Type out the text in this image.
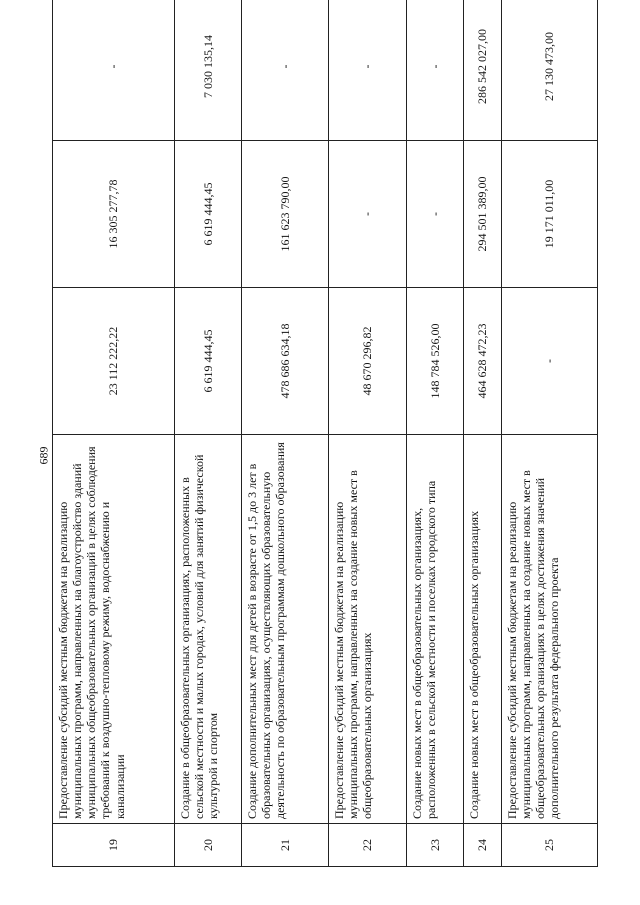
689
19	Предоставление субсидий местным бюджетам на реализацию муниципальных программ, направленных на благоустройство зданий муниципальных общеобразовательных организаций в целях соблюдения требований к воздушно-тепловому режиму, водоснабжению и канализации	23 112 222,22	16 305 277,78	-
20	Создание в общеобразовательных организациях, расположенных в сельской местности и малых городах, условий для занятий физической культурой и спортом	6 619 444,45	6 619 444,45	7 030 135,14
21	Создание дополнительных мест для детей в возрасте от 1,5 до 3 лет в образовательных организациях, осуществляющих образовательную деятельность по образовательным программам дошкольного образования	478 686 634,18	161 623 790,00	-
22	Предоставление субсидий местным бюджетам на реализацию муниципальных программ, направленных на создание новых мест в общеобразовательных организациях	48 670 296,82	-	-
23	Создание новых мест в общеобразовательных организациях, расположенных в сельской местности и поселках городского типа	148 784 526,00	-	-
24	Создание новых мест в общеобразовательных организациях	464 628 472,23	294 501 389,00	286 542 027,00
25	Предоставление субсидий местным бюджетам на реализацию муниципальных программ, направленных на создание новых мест в общеобразовательных организациях в целях достижения значений дополнительного результата федерального проекта	-	19 171 011,00	27 130 473,00
